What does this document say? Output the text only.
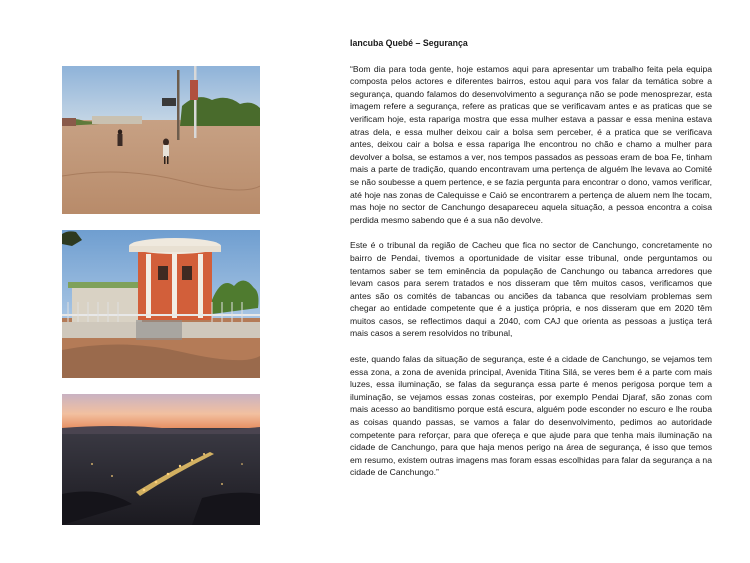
Iancuba Quebé – Segurança

“Bom dia para toda gente, hoje estamos aqui para apresentar um trabalho feita pela equipa composta pelos actores e diferentes bairros, estou aqui para vos falar da temática sobre a segurança, quando falamos do desenvolvimento a segurança não se pode menosprezar, esta imagem refere a segurança, refere as praticas que se verificavam antes e as praticas que se verificam hoje, esta rapariga mostra que essa mulher estava a passar e essa menina estava atras dela, e essa mulher deixou cair a bolsa sem perceber, é a pratica que se verificava antes, deixou cair a bolsa e essa rapariga lhe encontrou no chão e chamo a mulher para devolver a bolsa, se estamos a ver, nos tempos passados as pessoas eram de boa Fe, tinham mais a parte de tradição, quando encontravam uma pertença de alguém lhe levava ao Comité se não soubesse a quem pertence, e se fazia pergunta para encontrar o dono, vamos verificar, até hoje nas zonas de Calequisse e Caió se encontrarem a pertença de aluem nem lhe tocam, mas hoje no sector de Canchungo desapareceu aquela situação, a pessoa encontra a coisa perdida mesmo sabendo que é a sua não devolve.

Este é o tribunal da região de Cacheu que fica no sector de Canchungo, concretamente no bairro de Pendai, tivemos a oportunidade de visitar esse tribunal, onde perguntamos ou tentamos saber se tem eminência da população de Canchungo ou tabanca arredores que levam casos para serem tratados e nos disseram que têm muitos casos, verificamos que antes são os comités de tabancas ou anciões da tabanca que resolviam problemas sem chegar ao entidade competente que é a justiça própria, e nos disseram que em 2020 têm muitos casos, se reflectimos daqui a 2040, com CAJ que orienta as pessoas a justiça terá mais casos a serem resolvidos no tribunal,

este, quando falas da situação de segurança, este é a cidade de Canchungo, se vejamos tem essa zona, a zona de avenida principal, Avenida Titina Silá, se veres bem é a parte com mais luzes, essa iluminação, se falas da segurança essa parte é menos perigosa porque tem a iluminação, se vejamos essas zonas costeiras, por exemplo Pendai Djaraf, são zonas com mais acesso ao banditismo porque está escura, alguém pode esconder no escuro e lhe rouba as coisas quando passas, se vamos a falar do desenvolvimento, pedimos ao autoridade competente para reforçar, para que ofereça e que ajude para que tenha mais iluminação na cidade de Canchungo, para que haja menos perigo na área de segurança, é isso que temos em resumo, existem outras imagens mas foram essas escolhidas para falar da segurança a na cidade de Canchungo.”
